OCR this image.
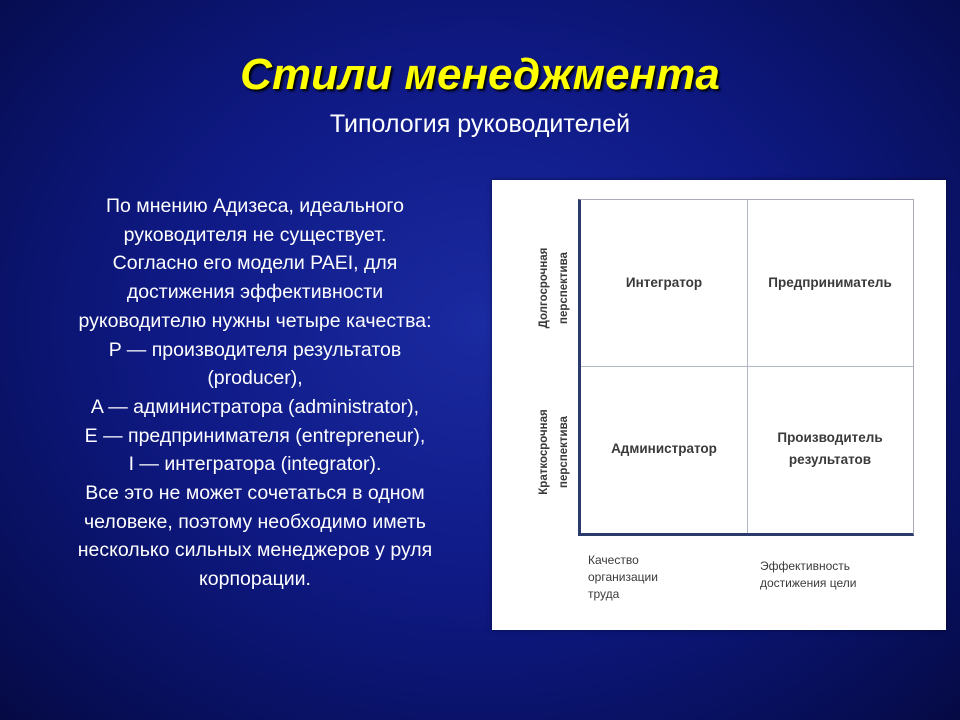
Стили менеджмента
Типология руководителей
По мнению Адизеса, идеального
руководителя не существует.
Согласно его модели PAEI, для
достижения эффективности
руководителю нужны четыре качества:
P — производителя результатов
(producer),
A — администратора (administrator),
E — предпринимателя (entrepreneur),
I — интегратора (integrator).
Все это не может сочетаться в одном
человеке, поэтому необходимо иметь
несколько сильных менеджеров у руля
корпорации.
Долгосрочная перспектива
Краткосрочная перспектива
Интегратор	Предприниматель
Администратор
Производитель
результатов
Качество
организации
труда
Эффективность
достижения цели
